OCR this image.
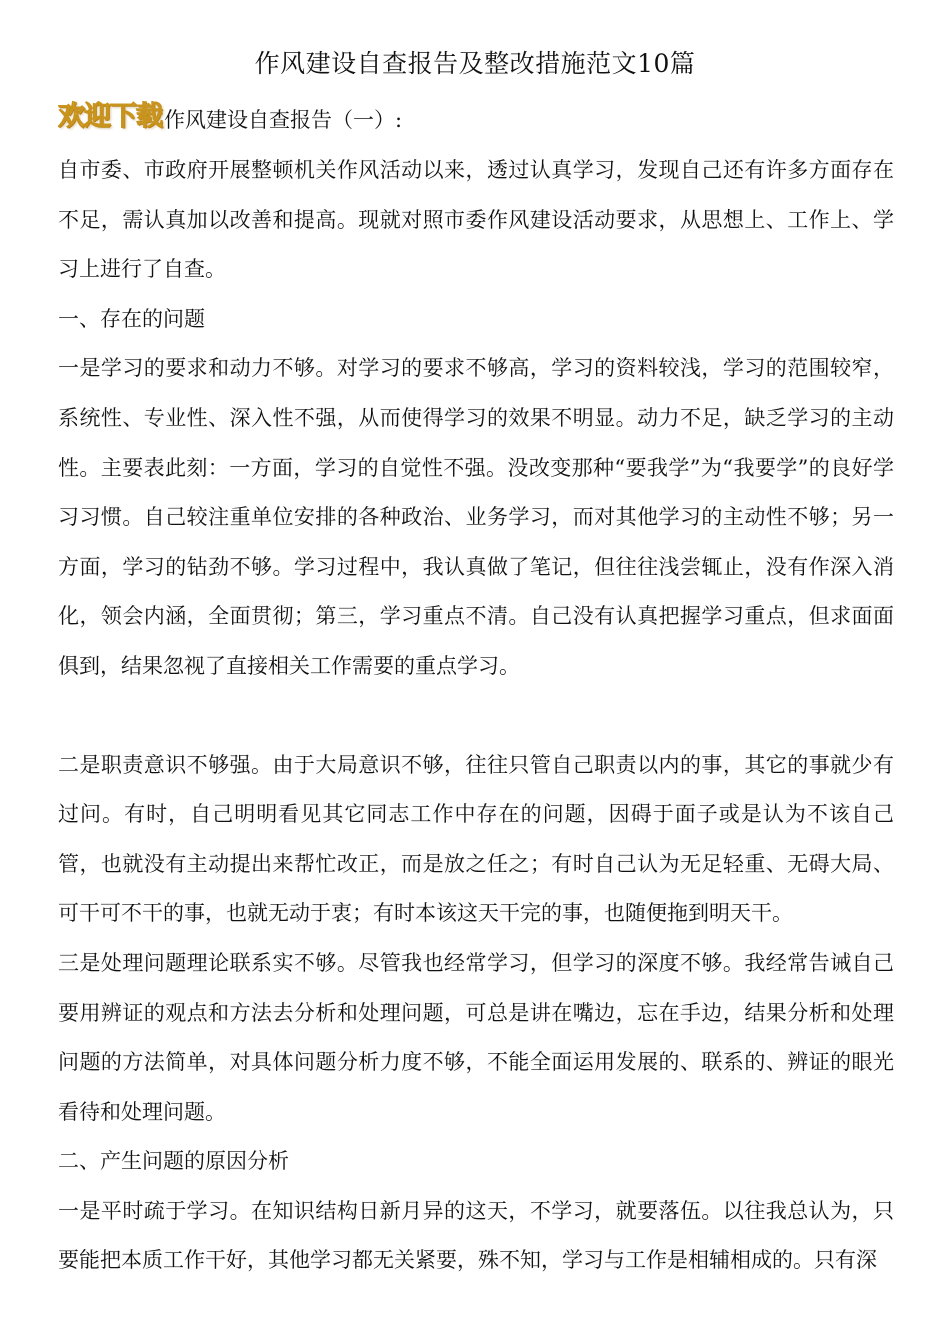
作风建设自查报告及整改措施范文10篇
欢迎下载 作风建设自查报告（一）:

自市委、市政府开展整顿机关作风活动以来，透过认真学习，发现自己还有许多方面存在不足，需认真加以改善和提高。现就对照市委作风建设活动要求，从思想上、工作上、学习上进行了自查。

一、存在的问题

一是学习的要求和动力不够。对学习的要求不够高，学习的资料较浅，学习的范围较窄，系统性、专业性、深入性不强，从而使得学习的效果不明显。动力不足，缺乏学习的主动性。主要表此刻：一方面，学习的自觉性不强。没改变那种“要我学”为“我要学”的良好学习习惯。自己较注重单位安排的各种政治、业务学习，而对其他学习的主动性不够；另一方面，学习的钻劲不够。学习过程中，我认真做了笔记，但往往浅尝辄止，没有作深入消化，领会内涵，全面贯彻；第三，学习重点不清。自己没有认真把握学习重点，但求面面俱到，结果忽视了直接相关工作需要的重点学习。

二是职责意识不够强。由于大局意识不够，往往只管自己职责以内的事，其它的事就少有过问。有时，自己明明看见其它同志工作中存在的问题，因碍于面子或是认为不该自己管，也就没有主动提出来帮忙改正，而是放之任之；有时自己认为无足轻重、无碍大局、可干可不干的事，也就无动于衷；有时本该这天干完的事，也随便拖到明天干。

三是处理问题理论联系实不够。尽管我也经常学习，但学习的深度不够。我经常告诫自己要用辨证的观点和方法去分析和处理问题，可总是讲在嘴边，忘在手边，结果分析和处理问题的方法简单，对具体问题分析力度不够，不能全面运用发展的、联系的、辨证的眼光看待和处理问题。

二、产生问题的原因分析

一是平时疏于学习。在知识结构日新月异的这天，不学习，就要落伍。以往我总认为，只要能把本质工作干好，其他学习都无关紧要，殊不知，学习与工作是相辅相成的。只有深
